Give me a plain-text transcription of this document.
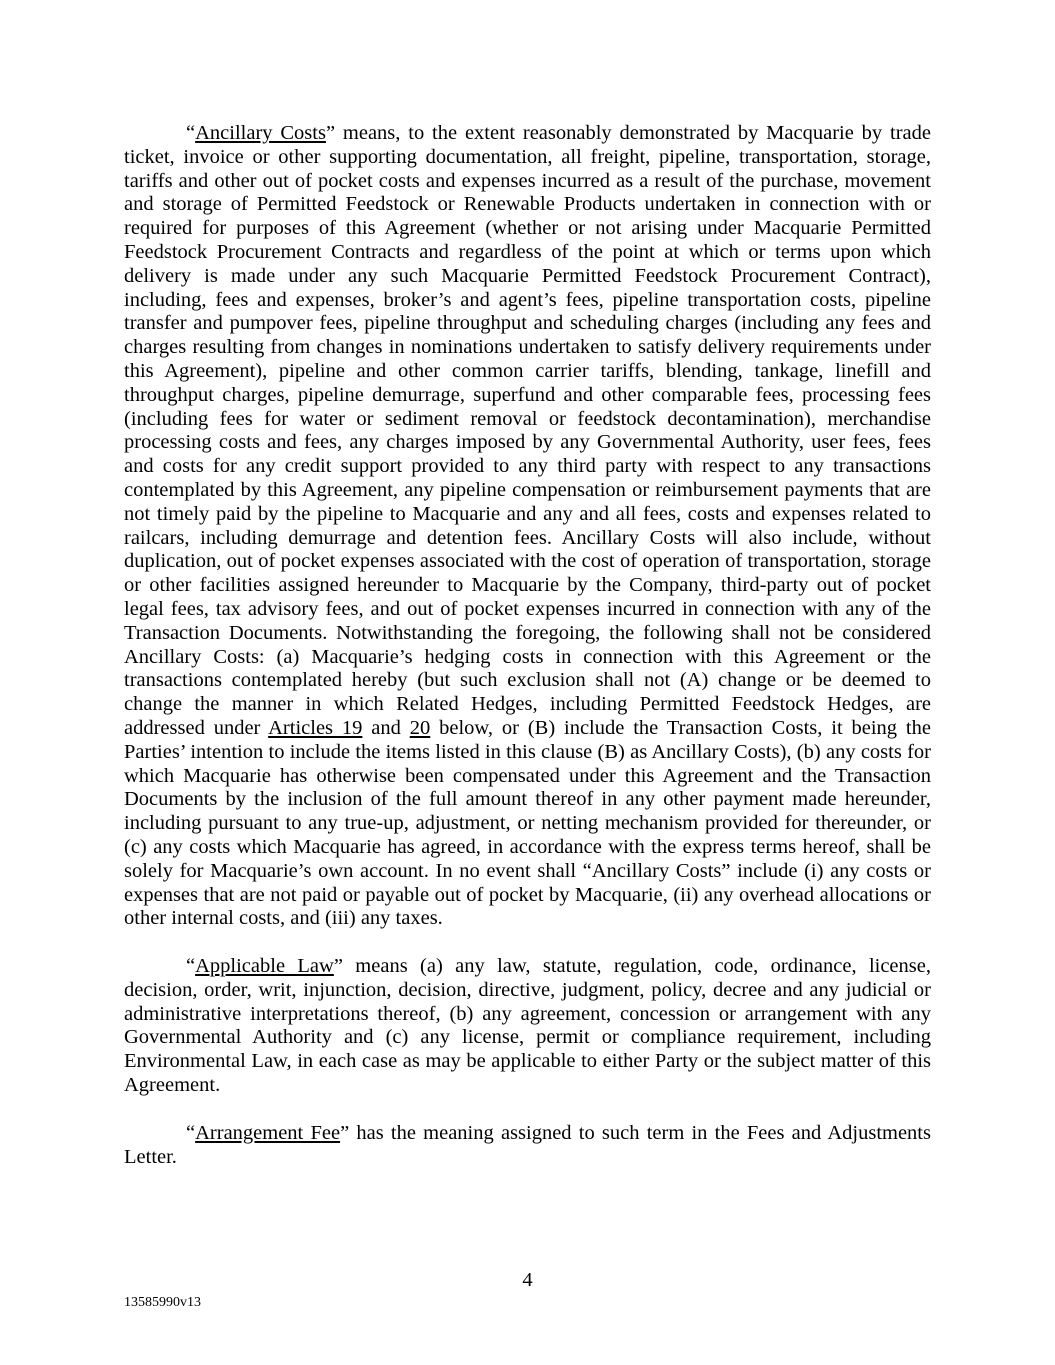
“Ancillary Costs” means, to the extent reasonably demonstrated by Macquarie by trade ticket, invoice or other supporting documentation, all freight, pipeline, transportation, storage, tariffs and other out of pocket costs and expenses incurred as a result of the purchase, movement and storage of Permitted Feedstock or Renewable Products undertaken in connection with or required for purposes of this Agreement (whether or not arising under Macquarie Permitted Feedstock Procurement Contracts and regardless of the point at which or terms upon which delivery is made under any such Macquarie Permitted Feedstock Procurement Contract), including, fees and expenses, broker’s and agent’s fees, pipeline transportation costs, pipeline transfer and pumpover fees, pipeline throughput and scheduling charges (including any fees and charges resulting from changes in nominations undertaken to satisfy delivery requirements under this Agreement), pipeline and other common carrier tariffs, blending, tankage, linefill and throughput charges, pipeline demurrage, superfund and other comparable fees, processing fees (including fees for water or sediment removal or feedstock decontamination), merchandise processing costs and fees, any charges imposed by any Governmental Authority, user fees, fees and costs for any credit support provided to any third party with respect to any transactions contemplated by this Agreement, any pipeline compensation or reimbursement payments that are not timely paid by the pipeline to Macquarie and any and all fees, costs and expenses related to railcars, including demurrage and detention fees. Ancillary Costs will also include, without duplication, out of pocket expenses associated with the cost of operation of transportation, storage or other facilities assigned hereunder to Macquarie by the Company, third-party out of pocket legal fees, tax advisory fees, and out of pocket expenses incurred in connection with any of the Transaction Documents. Notwithstanding the foregoing, the following shall not be considered Ancillary Costs: (a) Macquarie’s hedging costs in connection with this Agreement or the transactions contemplated hereby (but such exclusion shall not (A) change or be deemed to change the manner in which Related Hedges, including Permitted Feedstock Hedges, are addressed under Articles 19 and 20 below, or (B) include the Transaction Costs, it being the Parties’ intention to include the items listed in this clause (B) as Ancillary Costs), (b) any costs for which Macquarie has otherwise been compensated under this Agreement and the Transaction Documents by the inclusion of the full amount thereof in any other payment made hereunder, including pursuant to any true-up, adjustment, or netting mechanism provided for thereunder, or (c) any costs which Macquarie has agreed, in accordance with the express terms hereof, shall be solely for Macquarie’s own account. In no event shall “Ancillary Costs” include (i) any costs or expenses that are not paid or payable out of pocket by Macquarie, (ii) any overhead allocations or other internal costs, and (iii) any taxes.

“Applicable Law” means (a) any law, statute, regulation, code, ordinance, license, decision, order, writ, injunction, decision, directive, judgment, policy, decree and any judicial or administrative interpretations thereof, (b) any agreement, concession or arrangement with any Governmental Authority and (c) any license, permit or compliance requirement, including Environmental Law, in each case as may be applicable to either Party or the subject matter of this Agreement.

“Arrangement Fee” has the meaning assigned to such term in the Fees and Adjustments Letter.

4
13585990v13
